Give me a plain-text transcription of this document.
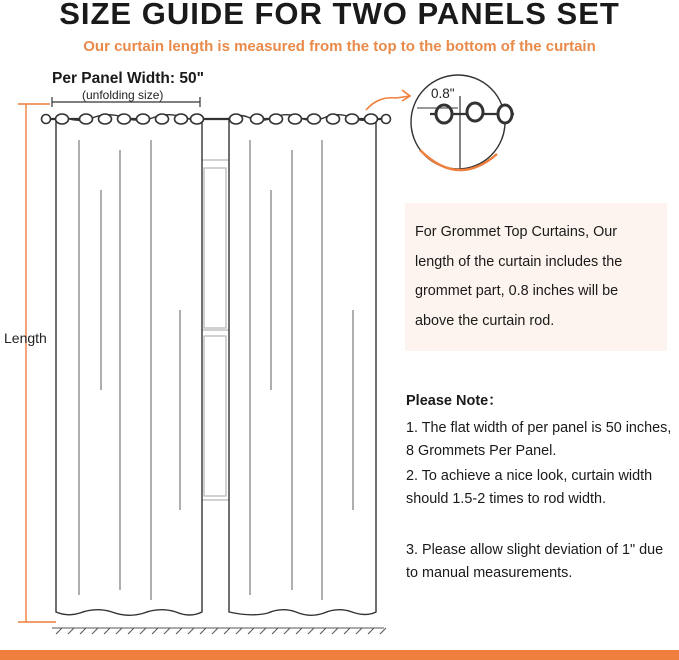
SIZE GUIDE FOR TWO PANELS SET
Our curtain length is measured from the top to the bottom of the curtain
Per Panel Width: 50"
(unfolding size)
Length
0.8"
For Grommet Top Curtains, Our length of the curtain includes the grommet part, 0.8 inches will be above the curtain rod.
Please Note：
1. The flat width of per panel is 50 inches, 8 Grommets Per Panel.
2. To achieve a nice look, curtain width should 1.5-2 times to rod width.
3. Please allow slight deviation of 1" due to manual measurements.
